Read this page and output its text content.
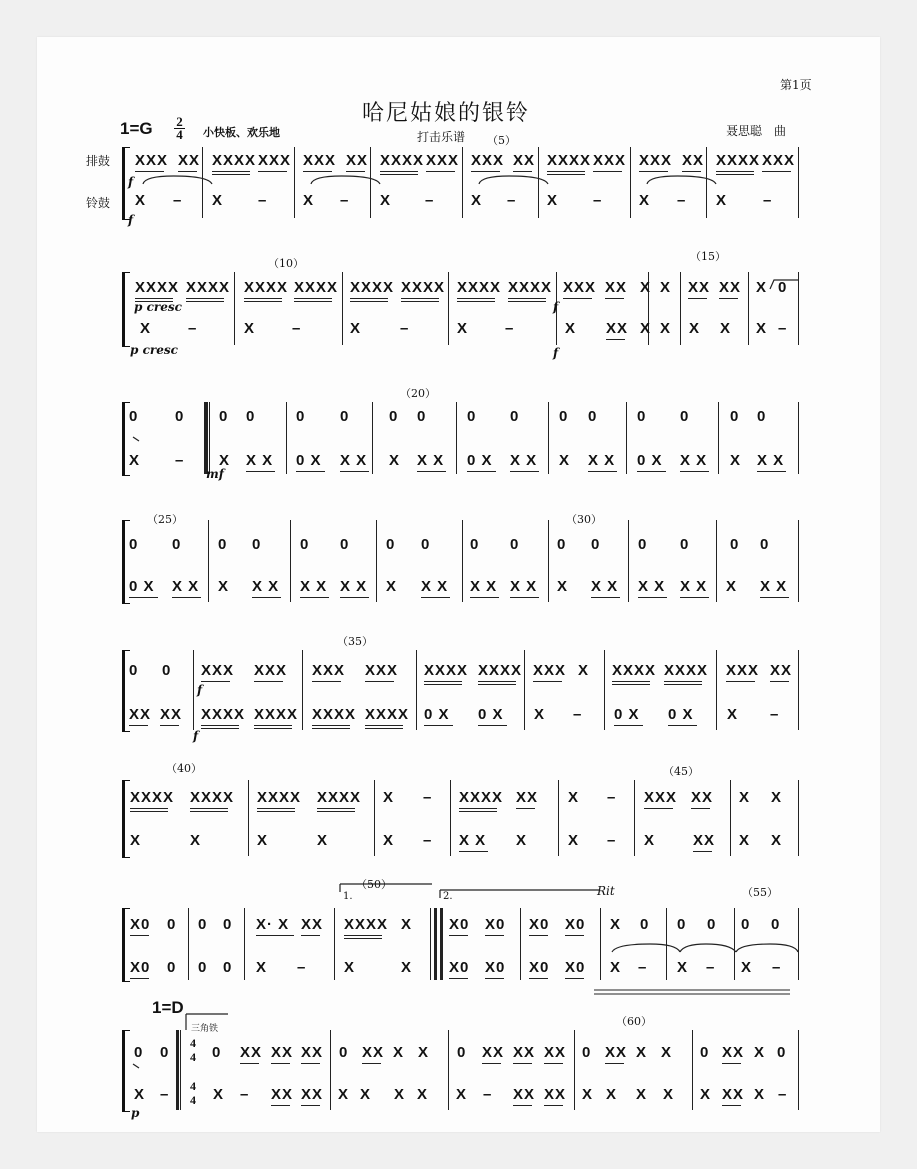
第1页
哈尼姑娘的银铃
打击乐谱	聂思聪　曲
1=G 2
4 小快板、欢乐地
排鼓
铃鼓
1=D
三角铁
1.	2.	Rit
XXX XX XXXX XXX XXX XX XXXX XXX XXX XX XXXX XXX XXX XX XXXX XXX
X – X – X – X – X – X – X – X –
XXXX XXXX XXXX XXXX XXXX XXXX XXXX XXXX XXX XX X X XX XX X 0
X –	X –	X	–	X –	X XX X X X X X –
0 0 0 0	0 0	0 0	0 0	0 0	0 0	0 0
X – X X X 0 X X X X X X 0 X X X X X X 0 X X X X X X
0 0 0 0	0 0 0 0	0 0	0 0	0 0	0 0
0 X X X X X X X X X X X X X X X X X X X X X X X X X X X
0 0 XXX XXX XXX XXX XXXX XXXX XXX X XXXX XXXX XXX XX
XX XX XXXX XXXX XXXX XXXX 0 X 0 X X – 0 X 0 X X –
XXXX XXXX XXXX XXXX X – XXXX XX X – XXX XX X X
X	X	X	X	X – X X X	X – X	XX X X
X0 0 0 0 X· X XX XXXX X X0 X0 X0 X0 X 0 0 0 0 0
X0 0 0 0 X –	X	X X0 X0 X0 X0 X – X – X –
0 0	0 XX XX XX 0 XX X X 0 XX XX XX 0 XX X X 0 XX X 0
X –	X – XX XX X X X X X – XX XX X X X X X XX X –
4
4
4
4
（5）
（10）
（15）
（20）
（25）	（30）
（35）
（40）	（45）
（50）
（55）
（60）
f
f
p cresc
p cresc
f
f
mf
f
f
p
